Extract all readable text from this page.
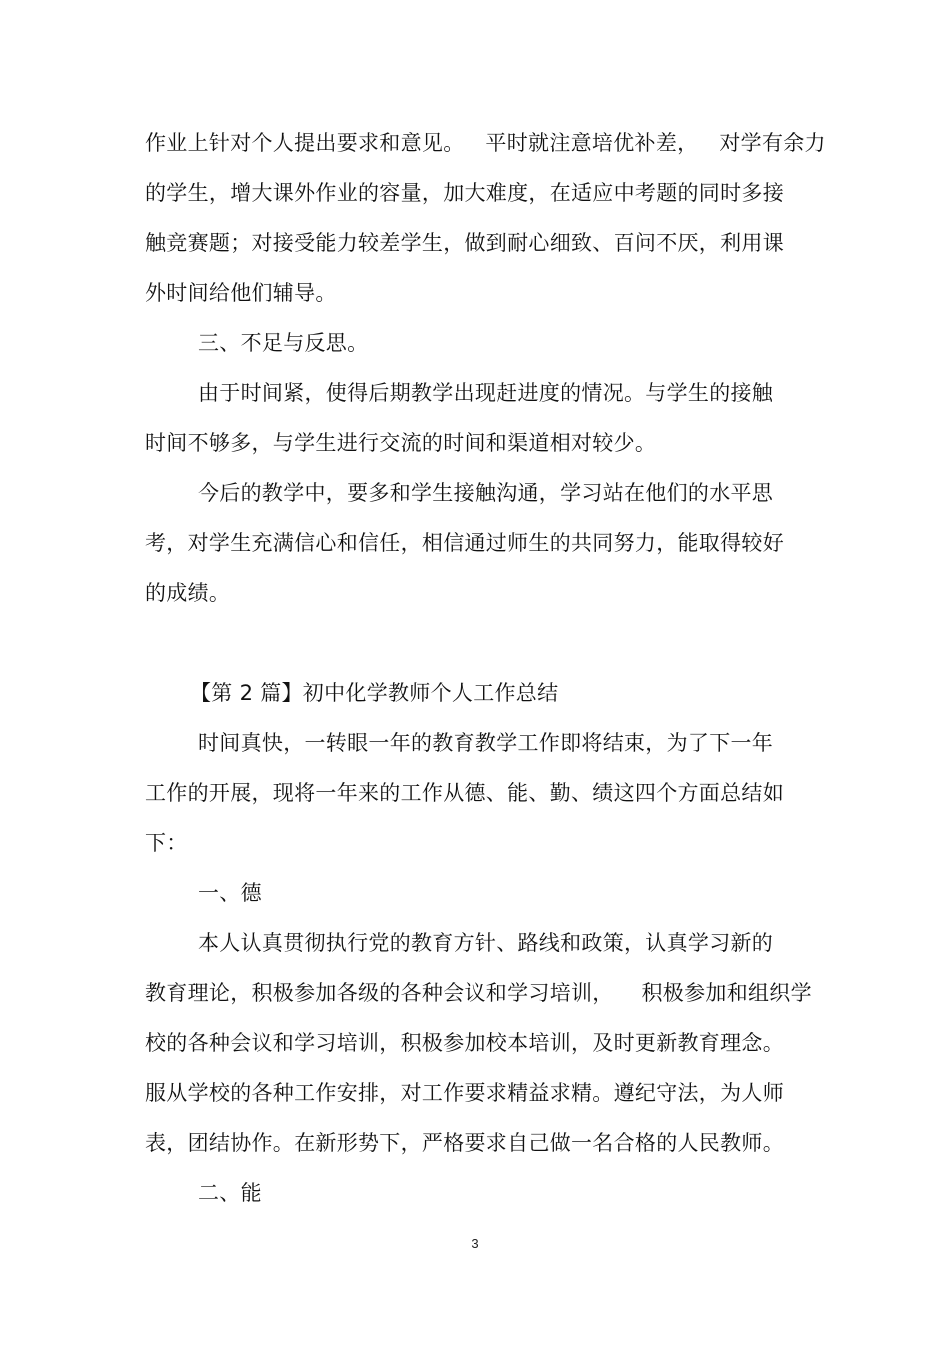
作业上针对个人提出要求和意见。   平时就注意培优补差，   对学有余力
的学生，增大课外作业的容量，加大难度，在适应中考题的同时多接
触竞赛题；对接受能力较差学生，做到耐心细致、百问不厌，利用课
外时间给他们辅导。
三、不足与反思。
由于时间紧，使得后期教学出现赶进度的情况。与学生的接触
时间不够多，与学生进行交流的时间和渠道相对较少。
今后的教学中，要多和学生接触沟通，学习站在他们的水平思
考，对学生充满信心和信任，相信通过师生的共同努力，能取得较好
的成绩。
【第 2 篇】初中化学教师个人工作总结
时间真快，一转眼一年的教育教学工作即将结束，为了下一年
工作的开展，现将一年来的工作从德、能、勤、绩这四个方面总结如
下：
一、德
本人认真贯彻执行党的教育方针、路线和政策，认真学习新的
教育理论，积极参加各级的各种会议和学习培训，    积极参加和组织学
校的各种会议和学习培训，积极参加校本培训，及时更新教育理念。
服从学校的各种工作安排，对工作要求精益求精。遵纪守法，为人师
表，团结协作。在新形势下，严格要求自己做一名合格的人民教师。
二、能
3
